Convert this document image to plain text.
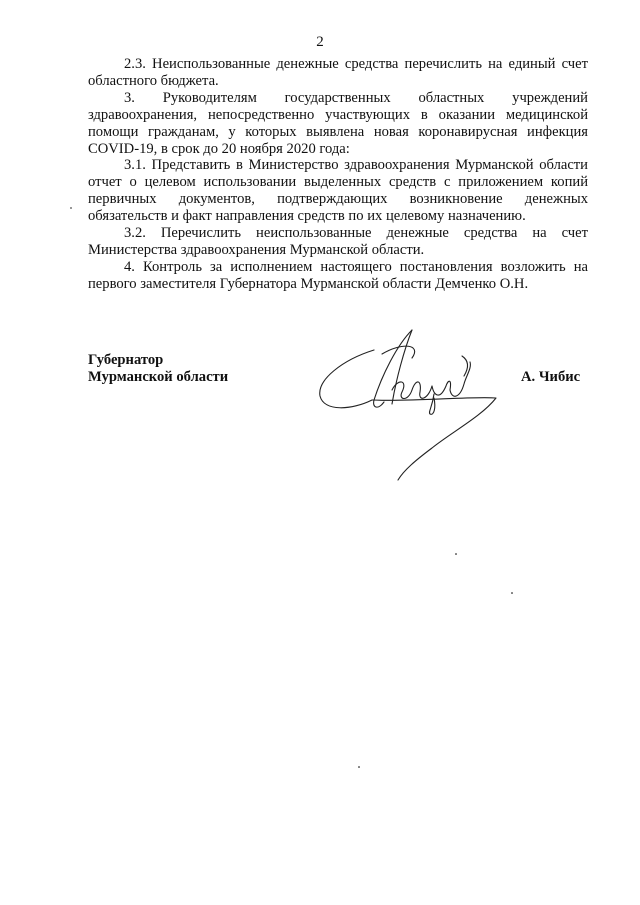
2

2.3. Неиспользованные денежные средства перечислить на единый счет областного бюджета.

3. Руководителям государственных областных учреждений здравоохранения, непосредственно участвующих в оказании медицинской помощи гражданам, у которых выявлена новая коронавирусная инфекция COVID-19, в срок до 20 ноября 2020 года:

3.1. Представить в Министерство здравоохранения Мурманской области отчет о целевом использовании выделенных средств с приложением копий первичных документов, подтверждающих возникновение денежных обязательств и факт направления средств по их целевому назначению.

3.2. Перечислить неиспользованные денежные средства на счет Министерства здравоохранения Мурманской области.

4. Контроль за исполнением настоящего постановления возложить на первого заместителя Губернатора Мурманской области Демченко О.Н.

Губернатор
Мурманской области	А. Чибис
